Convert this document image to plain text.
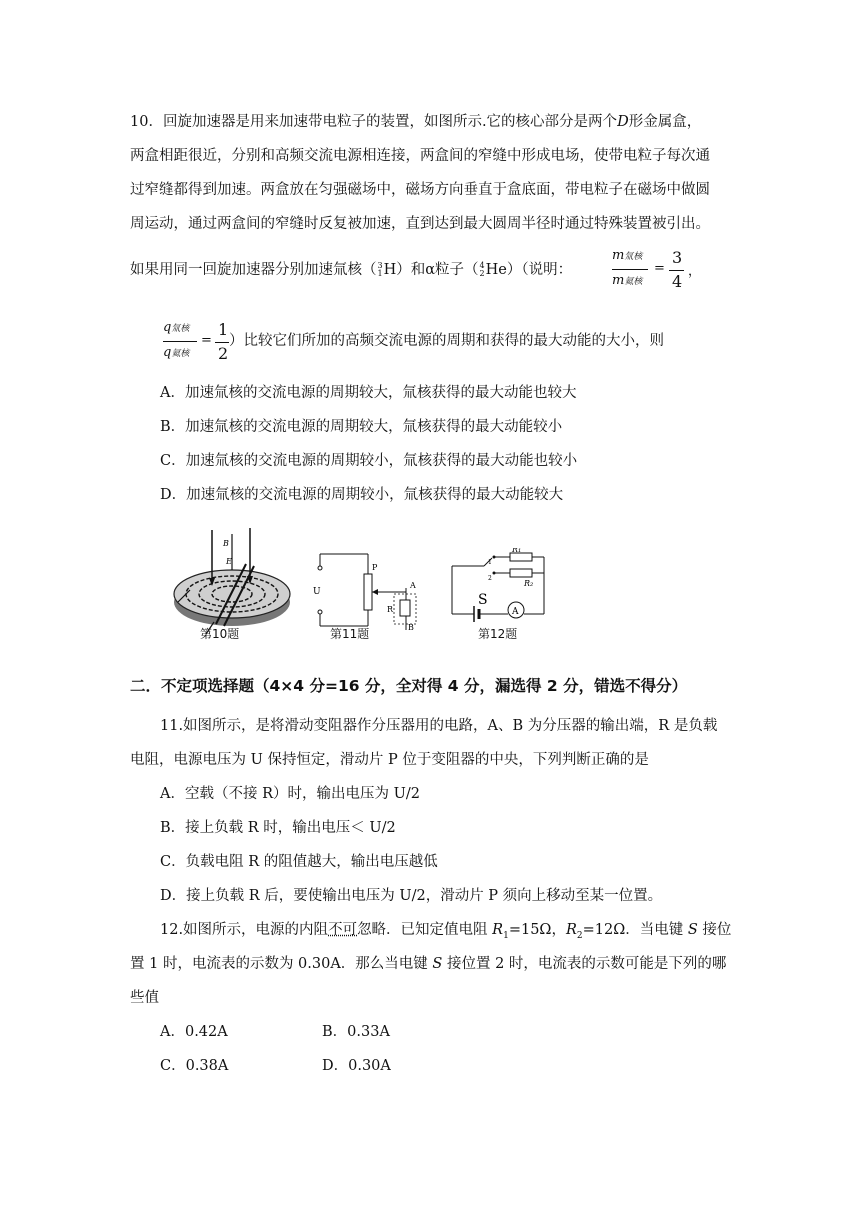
10．回旋加速器是用来加速带电粒子的装置，如图所示.它的核心部分是两个D形金属盒，
两盒相距很近，分别和高频交流电源相连接，两盒间的窄缝中形成电场，使带电粒子每次通
过窄缝都得到加速。两盒放在匀强磁场中，磁场方向垂直于盒底面，带电粒子在磁场中做圆
周运动，通过两盒间的窄缝时反复被加速，直到达到最大圆周半径时通过特殊装置被引出。
如果用同一回旋加速器分别加速氚核（3
1H）和α粒子（4
2He）（说明：
m氚核
m氦核
=
3
4
，
q氚核
q氦核
=
1
2
）比较它们所加的高频交流电源的周期和获得的最大动能的大小，则
A．加速氚核的交流电源的周期较大，氚核获得的最大动能也较大
B．加速氚核的交流电源的周期较大，氚核获得的最大动能较小
C．加速氚核的交流电源的周期较小，氚核获得的最大动能也较小
D．加速氚核的交流电源的周期较小，氚核获得的最大动能较大
B
E
第10题
U
P
A
B
R
第11题
R₁
R₂
S
A
1
2
第12题
二．不定项选择题（4×4 分=16 分，全对得 4 分，漏选得 2 分，错选不得分）
11.如图所示，是将滑动变阻器作分压器用的电路，A、B 为分压器的输出端，R 是负载
电阻，电源电压为 U 保持恒定，滑动片 P 位于变阻器的中央，下列判断正确的是
A．空载（不接 R）时，输出电压为 U/2
B．接上负载 R 时，输出电压＜ U/2
C．负载电阻 R 的阻值越大，输出电压越低
D．接上负载 R 后，要使输出电压为 U/2，滑动片 P 须向上移动至某一位置。
12.如图所示，电源的内阻不可忽略．已知定值电阻 $R_1=15\Omega$，$R_2=12\Omega$．当电键 S 接位
置 1 时，电流表的示数为 0.30A．那么当电键 S 接位置 2 时，电流表的示数可能是下列的哪
些值
A．0.42A	B．0.33A
C．0.38A	D．0.30A
